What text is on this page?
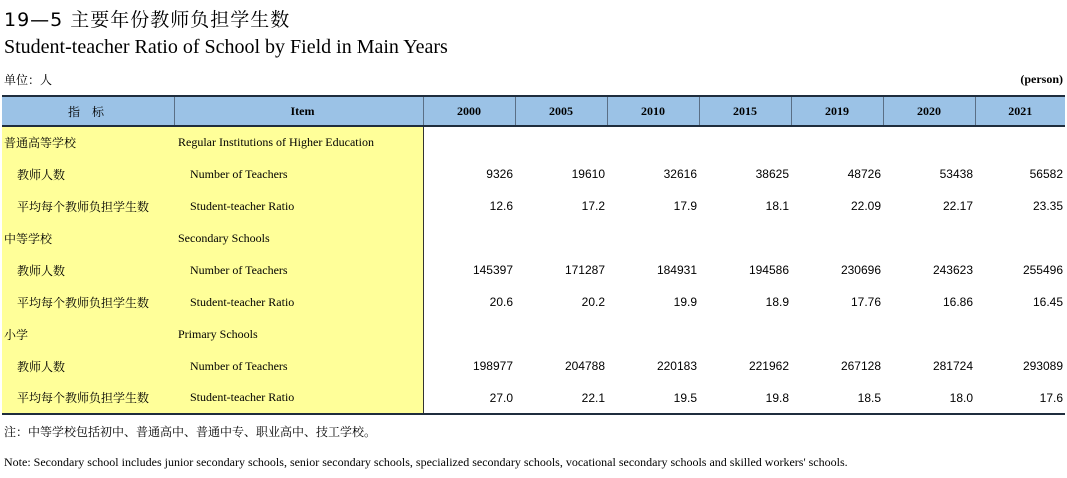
19—5 主要年份教师负担学生数
Student-teacher Ratio of School by Field in Main Years
单位：人	(person)
指　标	Item	2000	2005	2010	2015	2019	2020	2021
普通高等学校	Regular Institutions of Higher Education							
教师人数	Number of Teachers	9326	19610	32616	38625	48726	53438	56582
平均每个教师负担学生数	Student-teacher Ratio	12.6	17.2	17.9	18.1	22.09	22.17	23.35
中等学校	Secondary Schools							
教师人数	Number of Teachers	145397	171287	184931	194586	230696	243623	255496
平均每个教师负担学生数	Student-teacher Ratio	20.6	20.2	19.9	18.9	17.76	16.86	16.45
小学	Primary Schools							
教师人数	Number of Teachers	198977	204788	220183	221962	267128	281724	293089
平均每个教师负担学生数	Student-teacher Ratio	27.0	22.1	19.5	19.8	18.5	18.0	17.6
注：中等学校包括初中、普通高中、普通中专、职业高中、技工学校。
Note: Secondary school includes junior secondary schools, senior secondary schools, specialized secondary schools, vocational secondary schools and skilled workers' schools.
